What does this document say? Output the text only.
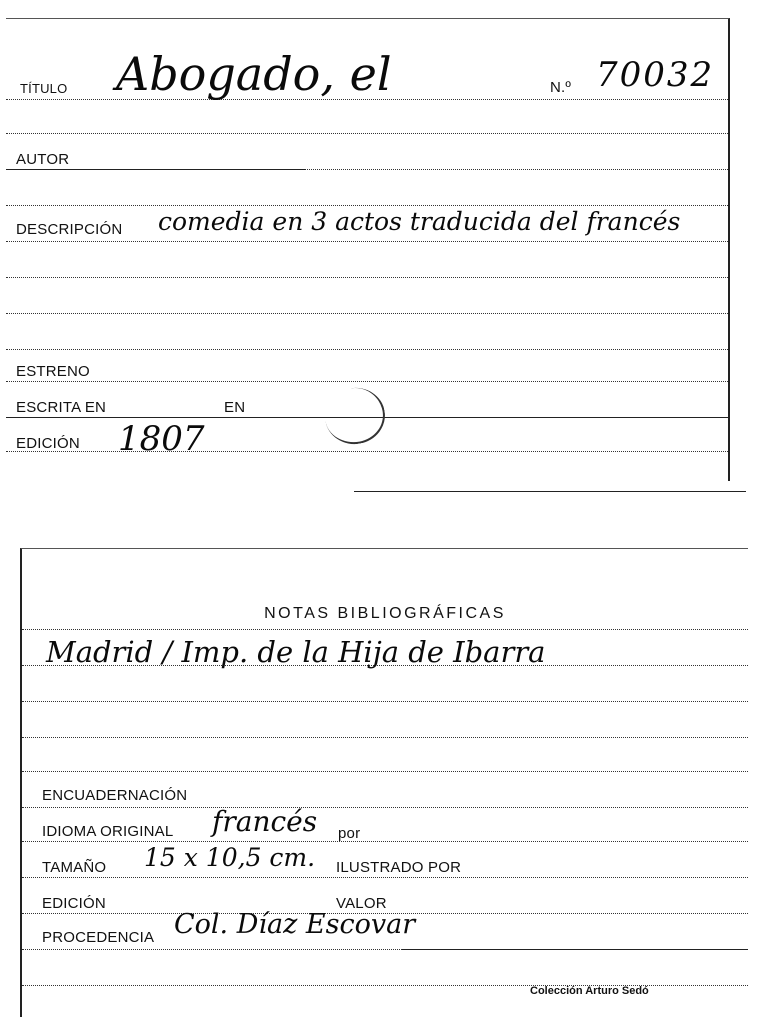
TÍTULO Abogado, el	N.º 70032
AUTOR
DESCRIPCIÓN comedia en 3 actos traducida del francés
ESTRENO
ESCRITA EN	EN
EDICIÓN 1807
NOTAS BIBLIOGRÁFICAS
Madrid / Imp. de la Hija de Ibarra
ENCUADERNACIÓN
IDIOMA ORIGINAL francés por
TAMAÑO 15 x 10,5 cm. ILUSTRADO POR
EDICIÓN	VALOR
PROCEDENCIA Col. Díaz Escovar
Colección Arturo Sedó
